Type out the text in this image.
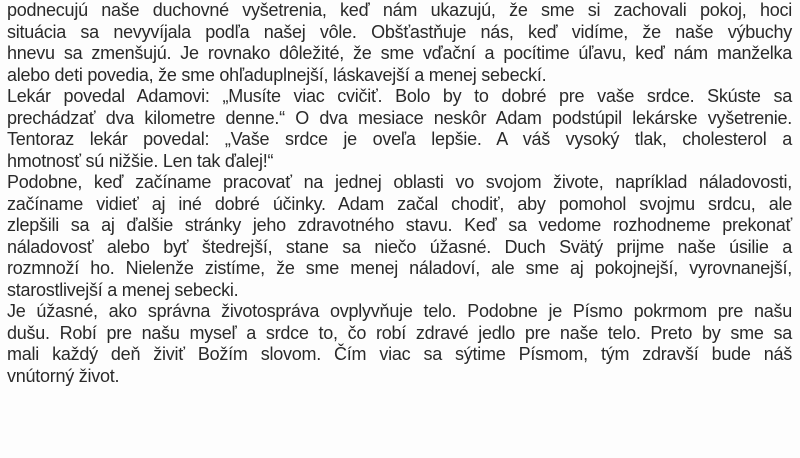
podnecujú naše duchovné vyšetrenia, keď nám ukazujú, že sme si zachovali pokoj, hoci
situácia sa nevyvíjala podľa našej vôle. Obšťastňuje nás, keď vidíme, že naše výbuchy
hnevu sa zmenšujú. Je rovnako dôležité, že sme vďační a pocítime úľavu, keď nám manželka
alebo deti povedia, že sme ohľaduplnejší, láskavejší a menej sebeckí.

Lekár povedal Adamovi: „Musíte viac cvičiť. Bolo by to dobré pre vaše srdce. Skúste sa
prechádzať dva kilometre denne.“ O dva mesiace neskôr Adam podstúpil lekárske vyšetrenie.
Tentoraz lekár povedal: „Vaše srdce je oveľa lepšie. A váš vysoký tlak, cholesterol a
hmotnosť sú nižšie. Len tak ďalej!“

Podobne, keď začíname pracovať na jednej oblasti vo svojom živote, napríklad náladovosti,
začíname vidieť aj iné dobré účinky. Adam začal chodiť, aby pomohol svojmu srdcu, ale
zlepšili sa aj ďalšie stránky jeho zdravotného stavu. Keď sa vedome rozhodneme prekonať
náladovosť alebo byť štedrejší, stane sa niečo úžasné. Duch Svätý prijme naše úsilie a
rozmnoží ho. Nielenže zistíme, že sme menej náladoví, ale sme aj pokojnejší, vyrovnanejší,
starostlivejší a menej sebecki.

Je úžasné, ako správna životospráva ovplyvňuje telo. Podobne je Písmo pokrmom pre našu
dušu. Robí pre našu myseľ a srdce to, čo robí zdravé jedlo pre naše telo. Preto by sme sa
mali každý deň živiť Božím slovom. Čím viac sa sýtime Písmom, tým zdravší bude náš
vnútorný život.
